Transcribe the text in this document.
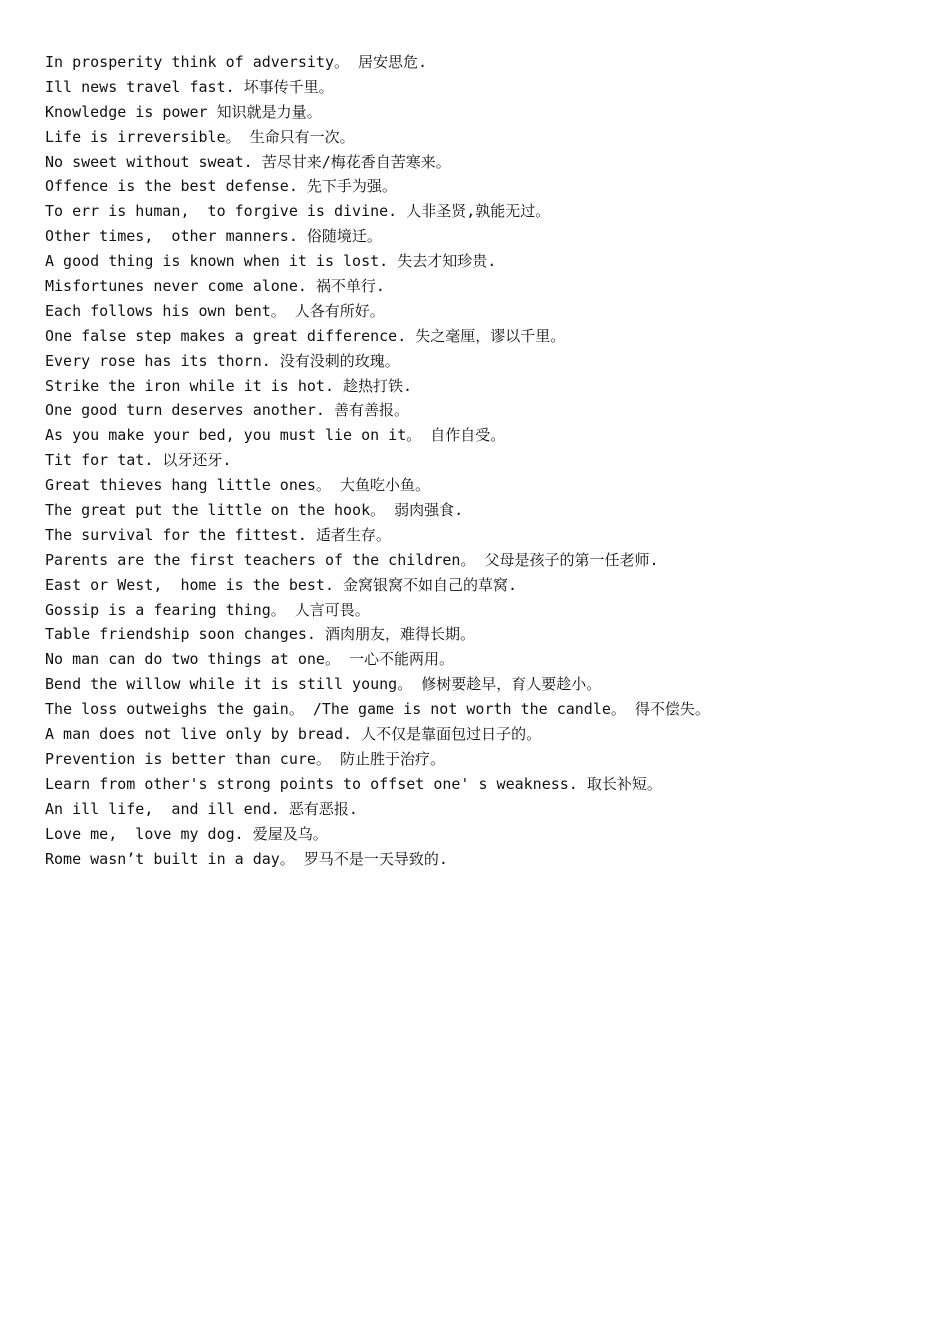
In prosperity think of adversity。 居安思危.
Ill news travel fast. 坏事传千里。
Knowledge is power 知识就是力量。
Life is irreversible。 生命只有一次。
No sweet without sweat. 苦尽甘来/梅花香自苦寒来。
Offence is the best defense. 先下手为强。
To err is human,  to forgive is divine. 人非圣贤,孰能无过。
Other times,  other manners. 俗随境迁。
A good thing is known when it is lost. 失去才知珍贵.
Misfortunes never come alone. 祸不单行.
Each follows his own bent。 人各有所好。
One false step makes a great difference. 失之毫厘，谬以千里。
Every rose has its thorn. 没有没刺的玫瑰。
Strike the iron while it is hot. 趁热打铁.
One good turn deserves another. 善有善报。
As you make your bed, you must lie on it。 自作自受。
Tit for tat. 以牙还牙.
Great thieves hang little ones。 大鱼吃小鱼。
The great put the little on the hook。 弱肉强食.
The survival for the fittest. 适者生存。
Parents are the first teachers of the children。 父母是孩子的第一任老师.
East or West,  home is the best. 金窝银窝不如自己的草窝.
Gossip is a fearing thing。 人言可畏。
Table friendship soon changes. 酒肉朋友，难得长期。
No man can do two things at one。 一心不能两用。
Bend the willow while it is still young。 修树要趁早，育人要趁小。
The loss outweighs the gain。 /The game is not worth the candle。 得不偿失。
A man does not live only by bread. 人不仅是靠面包过日子的。
Prevention is better than cure。 防止胜于治疗。
Learn from other's strong points to offset one' s weakness. 取长补短。
An ill life,  and ill end. 恶有恶报.
Love me,  love my dog. 爱屋及乌。
Rome wasn’t built in a day。 罗马不是一天导致的.
